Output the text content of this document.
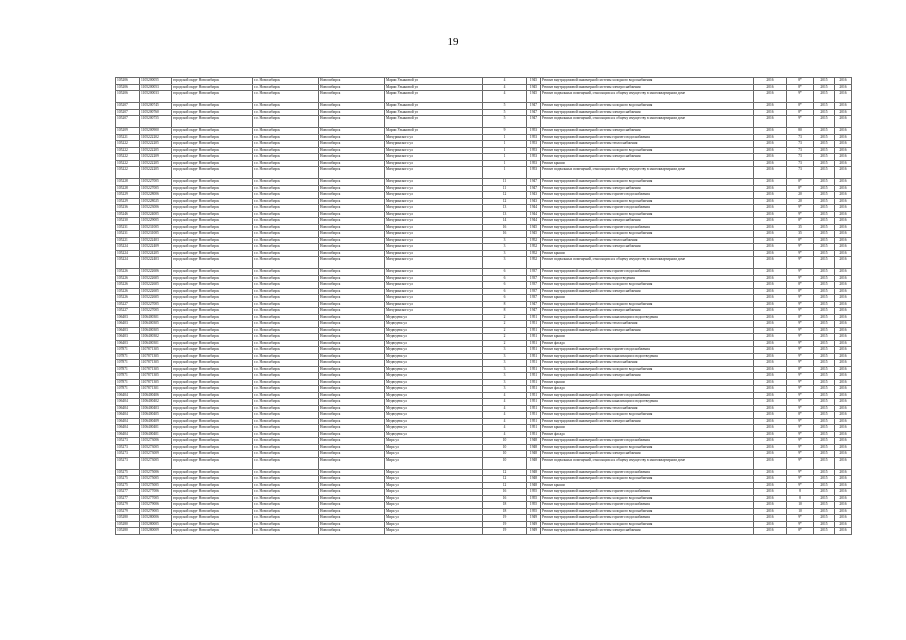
19
105206	1105200055	городской округ Новосибирск	г.о. Новосибирск	Новосибирск	Марии Ульяновой ул	4	1945	Ремонт внутридомовой инженерной системы холодного водоснабжения	2016	8*	2015	2016
105206	1105200053	городской округ Новосибирск	г.о. Новосибирск	Новосибирск	Марии Ульяновой ул	4	1945	Ремонт внутридомовой инженерной системы электроснабжения	2016	8*	2015	2016
105206	1105200033	городской округ Новосибирск	г.о. Новосибирск	Новосибирск	Марии Ульяновой ул	4	1945	Ремонт подвальных помещений, относящихся к общему имуществу в многоквартирном доме	2016	9*	2015	2016
105207	1105200745	городской округ Новосибирск	г.о. Новосибирск	Новосибирск	Марии Ульяновой ул	5	1947	Ремонт внутридомовой инженерной системы холодного водоснабжения	2016	8*	2015	2016
105207	1105200760	городской округ Новосибирск	г.о. Новосибирск	Новосибирск	Марии Ульяновой ул	5	1947	Ремонт внутридомовой инженерной системы электроснабжения	2016	8*	2015	2016
105207	1105200755	городской округ Новосибирск	г.о. Новосибирск	Новосибирск	Марии Ульяновой ул	5	1947	Ремонт подвальных помещений, относящихся к общему имуществу в многоквартирном доме	2016	9*	2015	2016
105209	1105200900	городской округ Новосибирск	г.о. Новосибирск	Новосибирск	Марии Ульяновой ул	9	1953	Ремонт внутридомовой инженерной системы электроснабжения	2016	80	2015	2016
105221	1105222202	городской округ Новосибирск	г.о. Новосибирск	Новосибирск	Мичуринского ул	1	1953	Ремонт внутридомовой инженерной системы горячего водоснабжения	2016	73	2015	2016
105222	1105222205	городской округ Новосибирск	г.о. Новосибирск	Новосибирск	Мичуринского ул	1	1953	Ремонт внутридомовой инженерной системы теплоснабжения	2016	73	2015	2016
105222	1105222205	городской округ Новосибирск	г.о. Новосибирск	Новосибирск	Мичуринского ул	1	1953	Ремонт внутридомовой инженерной системы холодного водоснабжения	2016	73	2015	2016
105222	1105222209	городской округ Новосибирск	г.о. Новосибирск	Новосибирск	Мичуринского ул	1	1953	Ремонт внутридомовой инженерной системы электроснабжения	2016	73	2015	2016
105222	1105222205	городской округ Новосибирск	г.о. Новосибирск	Новосибирск	Мичуринского ул	1	1953	Ремонт крыши	2016	73	2015	2016
105222	1105222205	городской округ Новосибирск	г.о. Новосибирск	Новосибирск	Мичуринского ул	1	1953	Ремонт подвальных помещений, относящихся к общему имуществу в многоквартирном доме	2016	73	2015	2016
105228	1105227005	городской округ Новосибирск	г.о. Новосибирск	Новосибирск	Мичуринского ул	11	1947	Ремонт внутридомовой инженерной системы холодного водоснабжения	2016	8*	2015	2016
105228	1105227005	городской округ Новосибирск	г.о. Новосибирск	Новосибирск	Мичуринского ул	11	1947	Ремонт внутридомовой инженерной системы электроснабжения	2016	8*	2015	2016
105229	1105228006	городской округ Новосибирск	г.о. Новосибирск	Новосибирск	Мичуринского ул	12	1943	Ремонт внутридомовой инженерной системы горячего водоснабжения	2016	20	2015	2016
105229	1105228025	городской округ Новосибирск	г.о. Новосибирск	Новосибирск	Мичуринского ул	12	1943	Ремонт внутридомовой инженерной системы холодного водоснабжения	2016	20	2015	2016
105236	1105223006	городской округ Новосибирск	г.о. Новосибирск	Новосибирск	Мичуринского ул	13	1944	Ремонт внутридомовой инженерной системы горячего водоснабжения	2016	9*	2015	2016
105246	1105224005	городской округ Новосибирск	г.о. Новосибирск	Новосибирск	Мичуринского ул	13	1944	Ремонт внутридомовой инженерной системы холодного водоснабжения	2016	9*	2015	2016
105230	1105229005	городской округ Новосибирск	г.о. Новосибирск	Новосибирск	Мичуринского ул	14	1944	Ремонт внутридомовой инженерной системы электроснабжения	2016	8*	2015	2016
105231	1105231005	городской округ Новосибирск	г.о. Новосибирск	Новосибирск	Мичуринского ул	16	1945	Ремонт внутридомовой инженерной системы горячего водоснабжения	2016	35	2015	2016
105231	1105231005	городской округ Новосибирск	г.о. Новосибирск	Новосибирск	Мичуринского ул	16	1945	Ремонт внутридомовой инженерной системы холодного водоснабжения	2016	35	2015	2016
105221	1105222403	городской округ Новосибирск	г.о. Новосибирск	Новосибирск	Мичуринского ул	3	1952	Ремонт внутридомовой инженерной системы теплоснабжения	2016	8*	2015	2016
105224	1105222409	городской округ Новосибирск	г.о. Новосибирск	Новосибирск	Мичуринского ул	3	1952	Ремонт внутридомовой инженерной системы электроснабжения	2016	9*	2015	2016
105224	1105224205	городской округ Новосибирск	г.о. Новосибирск	Новосибирск	Мичуринского ул	3	1952	Ремонт крыши	2016	9*	2015	2016
105224	1105222403	городской округ Новосибирск	г.о. Новосибирск	Новосибирск	Мичуринского ул	3	1952	Ремонт подвальных помещений, относящихся к общему имуществу в многоквартирном доме	2016	9*	2015	2016
105226	1105222606	городской округ Новосибирск	г.о. Новосибирск	Новосибирск	Мичуринского ул	6	1937	Ремонт внутридомовой инженерной системы горячего водоснабжения	2016	9*	2015	2016
105226	1105222605	городской округ Новосибирск	г.о. Новосибирск	Новосибирск	Мичуринского ул	6	1937	Ремонт внутридомовой инженерной системы водоотведения	2016	9*	2015	2016
105226	1105222605	городской округ Новосибирск	г.о. Новосибирск	Новосибирск	Мичуринского ул	6	1937	Ремонт внутридомовой инженерной системы холодного водоснабжения	2016	8*	2015	2016
105226	1105222605	городской округ Новосибирск	г.о. Новосибирск	Новосибирск	Мичуринского ул	6	1937	Ремонт внутридомовой инженерной системы электроснабжения	2016	8*	2015	2016
105226	1105222605	городской округ Новосибирск	г.о. Новосибирск	Новосибирск	Мичуринского ул	6	1937	Ремонт крыши	2016	9*	2015	2016
105227	1105227005	городской округ Новосибирск	г.о. Новосибирск	Новосибирск	Мичуринского ул	8	1947	Ремонт внутридомовой инженерной системы холодного водоснабжения	2016	9*	2015	2016
105227	1105227005	городской округ Новосибирск	г.о. Новосибирск	Новосибирск	Мичуринского ул	8	1947	Ремонт внутридомовой инженерной системы электроснабжения	2016	9*	2015	2016
106403	1106400301	городской округ Новосибирск	г.о. Новосибирск	Новосибирск	Медведева ул	2	1951	Ремонт внутридомовой инженерной системы канализации и водоотведения	2016	8*	2015	2016
106403	1106400305	городской округ Новосибирск	г.о. Новосибирск	Новосибирск	Медведева ул	2	1951	Ремонт внутридомовой инженерной системы теплоснабжения	2016	9*	2015	2016
106403	1106400305	городской округ Новосибирск	г.о. Новосибирск	Новосибирск	Медведева ул	2	1951	Ремонт внутридомовой инженерной системы электроснабжения	2016	9*	2015	2016
106403	1106400302	городской округ Новосибирск	г.о. Новосибирск	Новосибирск	Медведева ул	2	1951	Ремонт крыши	2016	9*	2015	2016
106403	1106400301	городской округ Новосибирск	г.о. Новосибирск	Новосибирск	Медведева ул	2	1951	Ремонт фасада	2016	9*	2015	2016
107871	1107871305	городской округ Новосибирск	г.о. Новосибирск	Новосибирск	Медведева ул	3	1951	Ремонт внутридомовой инженерной системы горячего водоснабжения	2016	9*	2015	2016
107871	1107871305	городской округ Новосибирск	г.о. Новосибирск	Новосибирск	Медведева ул	3	1951	Ремонт внутридомовой инженерной системы канализации и водоотведения	2016	9*	2015	2016
107871	1107871305	городской округ Новосибирск	г.о. Новосибирск	Новосибирск	Медведева ул	3	1951	Ремонт внутридомовой инженерной системы теплоснабжения	2016	9*	2015	2016
107871	1107871305	городской округ Новосибирск	г.о. Новосибирск	Новосибирск	Медведева ул	3	1951	Ремонт внутридомовой инженерной системы холодного водоснабжения	2016	8*	2015	2016
107871	1107871305	городской округ Новосибирск	г.о. Новосибирск	Новосибирск	Медведева ул	3	1951	Ремонт внутридомовой инженерной системы электроснабжения	2016	9*	2015	2016
107871	1107871305	городской округ Новосибирск	г.о. Новосибирск	Новосибирск	Медведева ул	3	1951	Ремонт крыши	2016	9*	2015	2016
107871	1107871301	городской округ Новосибирск	г.о. Новосибирск	Новосибирск	Медведева ул	3	1951	Ремонт фасада	2016	9*	2015	2016
106404	1106400406	городской округ Новосибирск	г.о. Новосибирск	Новосибирск	Медведева ул	4	1951	Ремонт внутридомовой инженерной системы горячего водоснабжения	2016	9*	2015	2016
106404	1106400402	городской округ Новосибирск	г.о. Новосибирск	Новосибирск	Медведева ул	4	1951	Ремонт внутридомовой инженерной системы канализации и водоотведения	2016	9*	2015	2016
106404	1106400403	городской округ Новосибирск	г.о. Новосибирск	Новосибирск	Медведева ул	4	1951	Ремонт внутридомовой инженерной системы теплоснабжения	2016	9*	2015	2016
106404	1106400405	городской округ Новосибирск	г.о. Новосибирск	Новосибирск	Медведева ул	4	1951	Ремонт внутридомовой инженерной системы холодного водоснабжения	2016	8*	2015	2016
106404	1106400409	городской округ Новосибирск	г.о. Новосибирск	Новосибирск	Медведева ул	4	1951	Ремонт внутридомовой инженерной системы электроснабжения	2016	9*	2015	2016
106404	1106400401	городской округ Новосибирск	г.о. Новосибирск	Новосибирск	Медведева ул	4	1951	Ремонт крыши	2016	9*	2015	2016
106404	1106400401	городской округ Новосибирск	г.о. Новосибирск	Новосибирск	Медведева ул	4	1951	Ремонт фасада	2016	9*	2015	2016
105273	1105273006	городской округ Новосибирск	г.о. Новосибирск	Новосибирск	Мира ул	10	1948	Ремонт внутридомовой инженерной системы горячего водоснабжения	2016	9*	2015	2016
105273	1105273005	городской округ Новосибирск	г.о. Новосибирск	Новосибирск	Мира ул	10	1948	Ремонт внутридомовой инженерной системы холодного водоснабжения	2016	9*	2015	2016
105273	1105273009	городской округ Новосибирск	г.о. Новосибирск	Новосибирск	Мира ул	10	1948	Ремонт внутридомовой инженерной системы электроснабжения	2016	9*	2015	2016
105273	1105273005	городской округ Новосибирск	г.о. Новосибирск	Новосибирск	Мира ул	10	1948	Ремонт подвальных помещений, относящихся к общему имуществу в многоквартирном доме	2016	9*	2015	2016
105275	1105275006	городской округ Новосибирск	г.о. Новосибирск	Новосибирск	Мира ул	12	1948	Ремонт внутридомовой инженерной системы горячего водоснабжения	2016	9*	2015	2016
105275	1105275005	городской округ Новосибирск	г.о. Новосибирск	Новосибирск	Мира ул	12	1948	Ремонт внутридомовой инженерной системы холодного водоснабжения	2016	9*	2015	2016
105275	1105275005	городской округ Новосибирск	г.о. Новосибирск	Новосибирск	Мира ул	12	1948	Ремонт крыши	2016	9*	2015	2016
105277	1105277006	городской округ Новосибирск	г.о. Новосибирск	Новосибирск	Мира ул	16	1955	Ремонт внутридомовой инженерной системы горячего водоснабжения	2016	8	2015	2016
105277	1105277005	городской округ Новосибирск	г.о. Новосибирск	Новосибирск	Мира ул	16	1955	Ремонт внутридомовой инженерной системы холодного водоснабжения	2016	8	2015	2016
105279	1105279006	городской округ Новосибирск	г.о. Новосибирск	Новосибирск	Мира ул	18	1955	Ремонт внутридомовой инженерной системы горячего водоснабжения	2016	10	2015	2016
105279	1105279005	городской округ Новосибирск	г.о. Новосибирск	Новосибирск	Мира ул	18	1955	Ремонт внутридомовой инженерной системы холодного водоснабжения	2016	10	2015	2016
105280	1105280006	городской округ Новосибирск	г.о. Новосибирск	Новосибирск	Мира ул	19	1949	Ремонт внутридомовой инженерной системы горячего водоснабжения	2016	9*	2015	2016
105280	1105280005	городской округ Новосибирск	г.о. Новосибирск	Новосибирск	Мира ул	19	1949	Ремонт внутридомовой инженерной системы холодного водоснабжения	2016	9*	2015	2016
105280	1105280009	городской округ Новосибирск	г.о. Новосибирск	Новосибирск	Мира ул	19	1949	Ремонт внутридомовой инженерной системы электроснабжения	2016	8*	2015	2016
